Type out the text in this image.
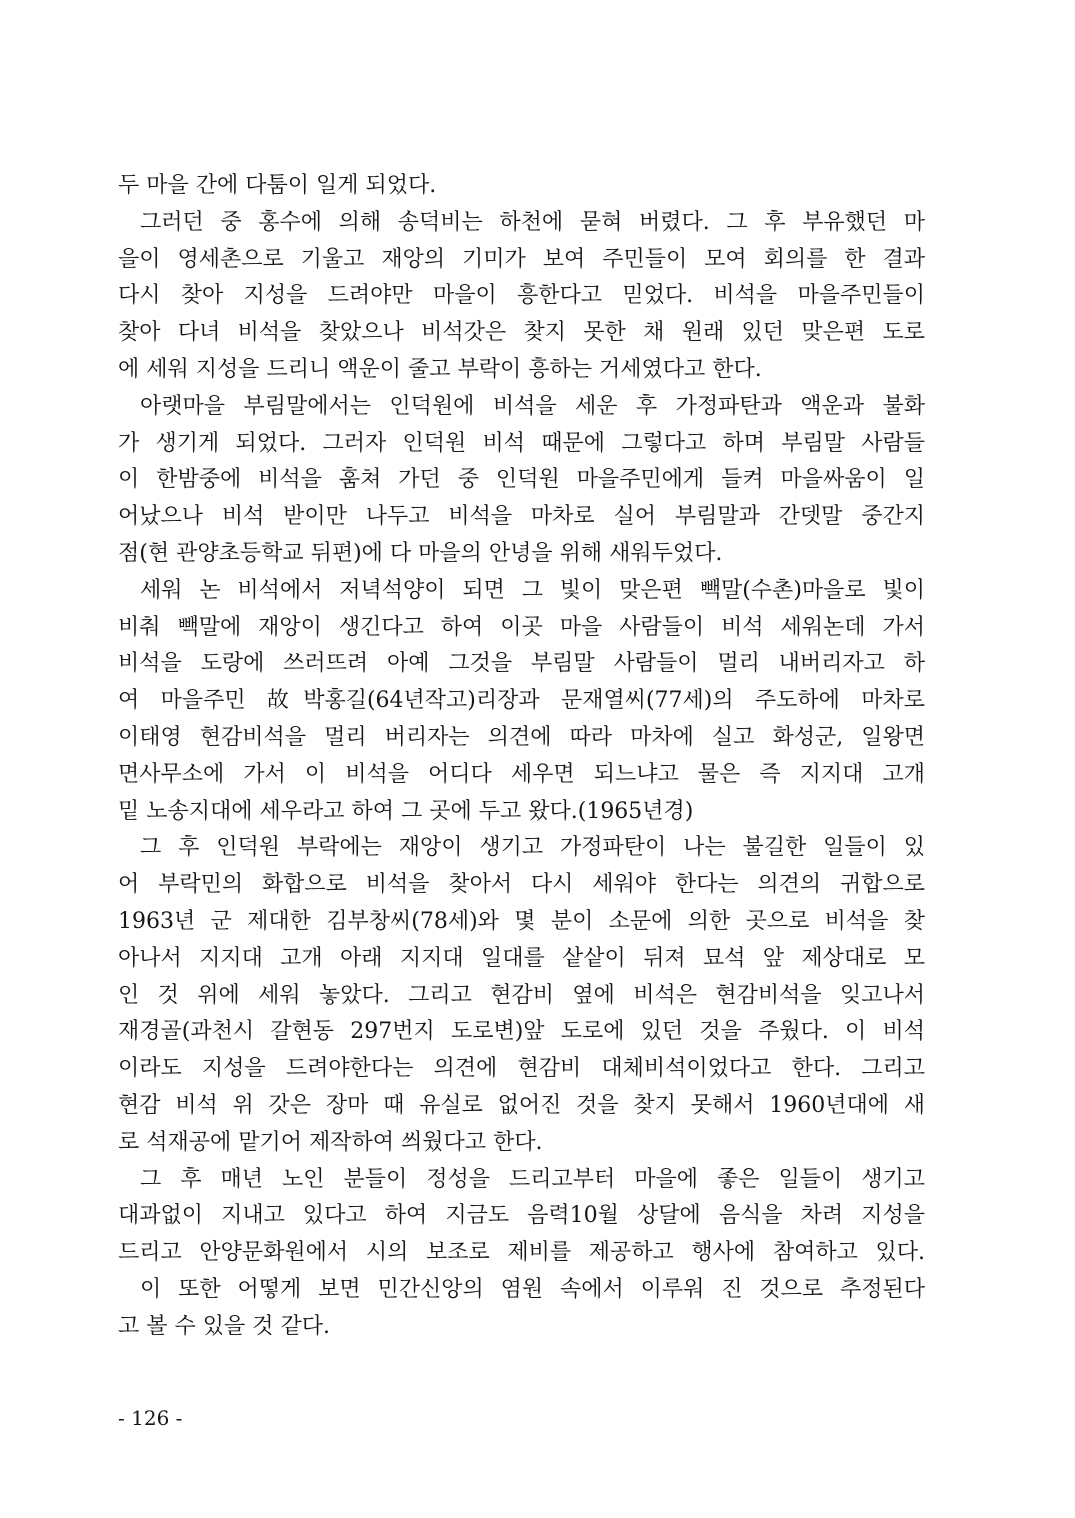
두 마을 간에 다툼이 일게 되었다.
그러던 중 홍수에 의해 송덕비는 하천에 묻혀 버렸다. 그 후 부유했던 마
을이 영세촌으로 기울고 재앙의 기미가 보여 주민들이 모여 회의를 한 결과
다시 찾아 지성을 드려야만 마을이 흥한다고 믿었다. 비석을 마을주민들이
찾아 다녀 비석을 찾았으나 비석갓은 찾지 못한 채 원래 있던 맞은편 도로
에 세워 지성을 드리니 액운이 줄고 부락이 흥하는 거세였다고 한다.
아랫마을 부림말에서는 인덕원에 비석을 세운 후 가정파탄과 액운과 불화
가 생기게 되었다. 그러자 인덕원 비석 때문에 그렇다고 하며 부림말 사람들
이 한밤중에 비석을 훔쳐 가던 중 인덕원 마을주민에게 들켜 마을싸움이 일
어났으나 비석 받이만 나두고 비석을 마차로 실어 부림말과 간뎃말 중간지
점(현 관양초등학교 뒤편)에 다 마을의 안녕을 위해 새워두었다.
세워 논 비석에서 저녁석양이 되면 그 빛이 맞은편 빽말(수촌)마을로 빛이
비춰 빽말에 재앙이 생긴다고 하여 이곳 마을 사람들이 비석 세워논데 가서
비석을 도랑에 쓰러뜨려 아예 그것을 부림말 사람들이 멀리 내버리자고 하
여 마을주민 故박홍길(64년작고)리장과 문재열씨(77세)의 주도하에 마차로
이태영 현감비석을 멀리 버리자는 의견에 따라 마차에 실고 화성군, 일왕면
면사무소에 가서 이 비석을 어디다 세우면 되느냐고 물은 즉 지지대 고개
밑 노송지대에 세우라고 하여 그 곳에 두고 왔다.(1965년경)
그 후 인덕원 부락에는 재앙이 생기고 가정파탄이 나는 불길한 일들이 있
어 부락민의 화합으로 비석을 찾아서 다시 세워야 한다는 의견의 귀합으로
1963년 군 제대한 김부창씨(78세)와 몇 분이 소문에 의한 곳으로 비석을 찾
아나서 지지대 고개 아래 지지대 일대를 샅샅이 뒤져 묘석 앞 제상대로 모
인 것 위에 세워 놓았다. 그리고 현감비 옆에 비석은 현감비석을 잊고나서
재경골(과천시 갈현동 297번지 도로변)앞 도로에 있던 것을 주웠다. 이 비석
이라도 지성을 드려야한다는 의견에 현감비 대체비석이었다고 한다. 그리고
현감 비석 위 갓은 장마 때 유실로 없어진 것을 찾지 못해서 1960년대에 새
로 석재공에 맡기어 제작하여 씌웠다고 한다.
그 후 매년 노인 분들이 정성을 드리고부터 마을에 좋은 일들이 생기고
대과없이 지내고 있다고 하여 지금도 음력10월 상달에 음식을 차려 지성을
드리고 안양문화원에서 시의 보조로 제비를 제공하고 행사에 참여하고 있다.
이 또한 어떻게 보면 민간신앙의 염원 속에서 이루워 진 것으로 추정된다
고 볼 수 있을 것 같다.
- 126 -
